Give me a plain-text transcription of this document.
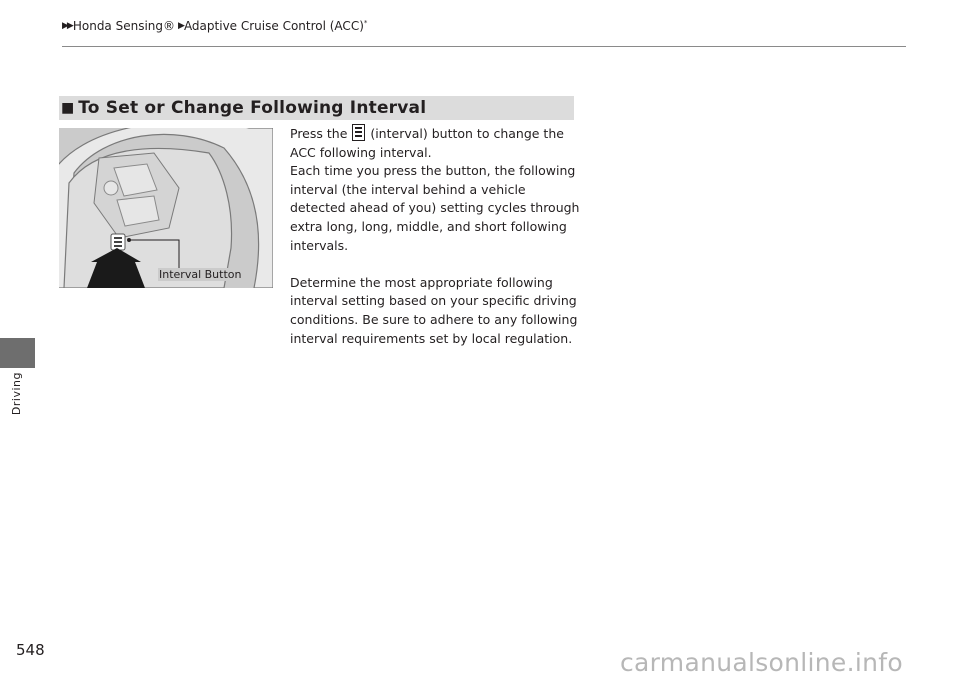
▶▶ Honda Sensing® ▶ Adaptive Cruise Control (ACC)*
Driving
■ To Set or Change Following Interval
Interval Button

Press the
(interval) button to change the ACC following interval.

Each time you press the button, the following interval (the interval behind a vehicle detected ahead of you) setting cycles through extra long, long, middle, and short following intervals.

Determine the most appropriate following interval setting based on your specific driving conditions. Be sure to adhere to any following interval requirements set by local regulation.

548	carmanualsonline.info
